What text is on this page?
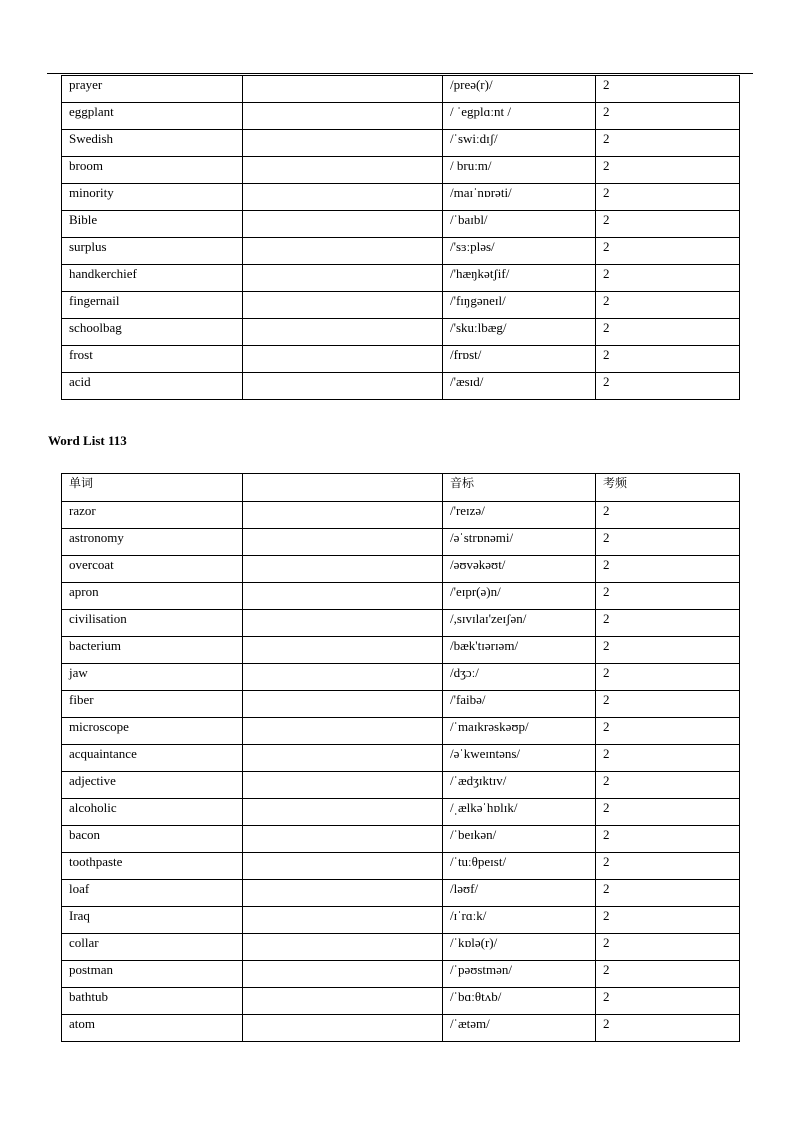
prayer		/preə(r)/	2
eggplant		/ ˈegplɑːnt /	2
Swedish		/ˈswiːdɪʃ/	2
broom		/ bruːm/	2
minority		/maɪˈnɒrəti/	2
Bible		/ˈbaɪbl/	2
surplus		/'sɜːpləs/	2
handkerchief		/'hæŋkətʃif/	2
fingernail		/'fɪŋgəneɪl/	2
schoolbag		/'skuːlbæg/	2
frost		/frɒst/	2
acid		/'æsɪd/	2
Word List 113
单词		音标	考频
razor		/'reɪzə/	2
astronomy		/əˈstrɒnəmi/	2
overcoat		/əʊvəkəʊt/	2
apron		/'eɪpr(ə)n/	2
civilisation		/,sɪvɪlaɪ'zeɪʃən/	2
bacterium		/bæk'tɪərɪəm/	2
jaw		/dʒɔː/	2
fiber		/'faibə/	2
microscope		/ˈmaɪkrəskəʊp/	2
acquaintance		/əˈkweɪntəns/	2
adjective		/ˈædʒɪktɪv/	2
alcoholic		/ˌælkəˈhɒlɪk/	2
bacon		/ˈbeɪkən/	2
toothpaste		/ˈtuːθpeɪst/	2
loaf		/ləʊf/	2
Iraq		/ɪˈrɑːk/	2
collar		/ˈkɒlə(r)/	2
postman		/ˈpəʊstmən/	2
bathtub		/ˈbɑːθtʌb/	2
atom		/ˈætəm/	2
